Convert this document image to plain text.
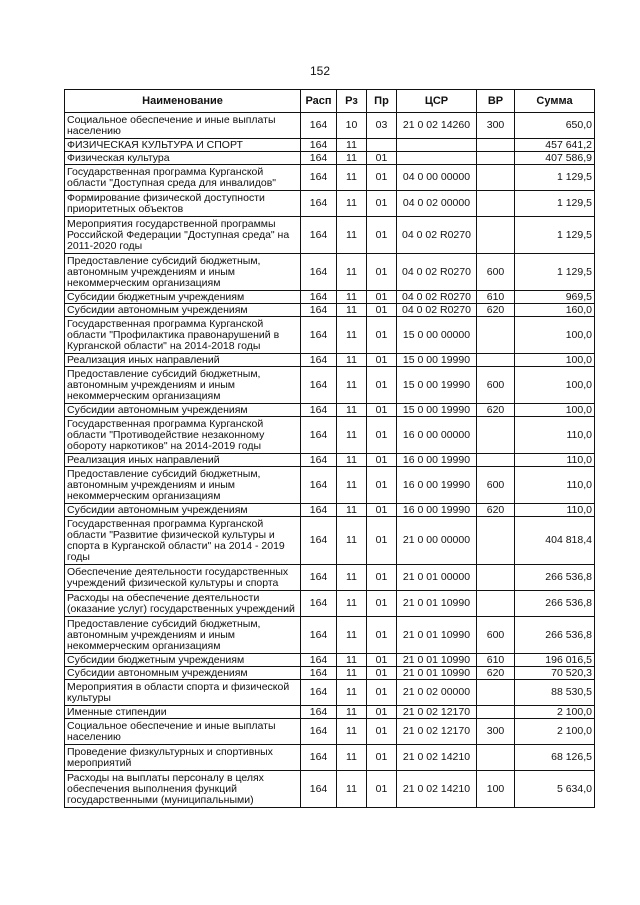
152
Наименование	Расп	Рз	Пр	ЦСР	ВР	Сумма
Социальное обеспечение и иные выплаты населению	164	10	03	21 0 02 14260	300	650,0
ФИЗИЧЕСКАЯ КУЛЬТУРА И СПОРТ	164	11				457 641,2
Физическая культура	164	11	01			407 586,9
Государственная программа Курганской области "Доступная среда для инвалидов"	164	11	01	04 0 00 00000		1 129,5
Формирование физической доступности приоритетных объектов	164	11	01	04 0 02 00000		1 129,5
Мероприятия государственной программы Российской Федерации "Доступная среда" на 2011-2020 годы	164	11	01	04 0 02 R0270		1 129,5
Предоставление субсидий бюджетным, автономным учреждениям и иным некоммерческим организациям	164	11	01	04 0 02 R0270	600	1 129,5
Субсидии бюджетным учреждениям	164	11	01	04 0 02 R0270	610	969,5
Субсидии автономным учреждениям	164	11	01	04 0 02 R0270	620	160,0
Государственная программа Курганской области "Профилактика правонарушений в Курганской области" на 2014-2018 годы	164	11	01	15 0 00 00000		100,0
Реализация иных направлений	164	11	01	15 0 00 19990		100,0
Предоставление субсидий бюджетным, автономным учреждениям и иным некоммерческим организациям	164	11	01	15 0 00 19990	600	100,0
Субсидии автономным учреждениям	164	11	01	15 0 00 19990	620	100,0
Государственная программа Курганской области "Противодействие незаконному обороту наркотиков" на 2014-2019 годы	164	11	01	16 0 00 00000		110,0
Реализация иных направлений	164	11	01	16 0 00 19990		110,0
Предоставление субсидий бюджетным, автономным учреждениям и иным некоммерческим организациям	164	11	01	16 0 00 19990	600	110,0
Субсидии автономным учреждениям	164	11	01	16 0 00 19990	620	110,0
Государственная программа Курганской области "Развитие физической культуры и спорта в Курганской области" на 2014 - 2019 годы	164	11	01	21 0 00 00000		404 818,4
Обеспечение деятельности государственных учреждений физической культуры и спорта	164	11	01	21 0 01 00000		266 536,8
Расходы на обеспечение деятельности (оказание услуг) государственных учреждений	164	11	01	21 0 01 10990		266 536,8
Предоставление субсидий бюджетным, автономным учреждениям и иным некоммерческим организациям	164	11	01	21 0 01 10990	600	266 536,8
Субсидии бюджетным учреждениям	164	11	01	21 0 01 10990	610	196 016,5
Субсидии автономным учреждениям	164	11	01	21 0 01 10990	620	70 520,3
Мероприятия в области спорта и физической культуры	164	11	01	21 0 02 00000		88 530,5
Именные стипендии	164	11	01	21 0 02 12170		2 100,0
Социальное обеспечение и иные выплаты населению	164	11	01	21 0 02 12170	300	2 100,0
Проведение физкультурных и спортивных мероприятий	164	11	01	21 0 02 14210		68 126,5
Расходы на выплаты персоналу в целях обеспечения выполнения функций государственными (муниципальными)	164	11	01	21 0 02 14210	100	5 634,0
